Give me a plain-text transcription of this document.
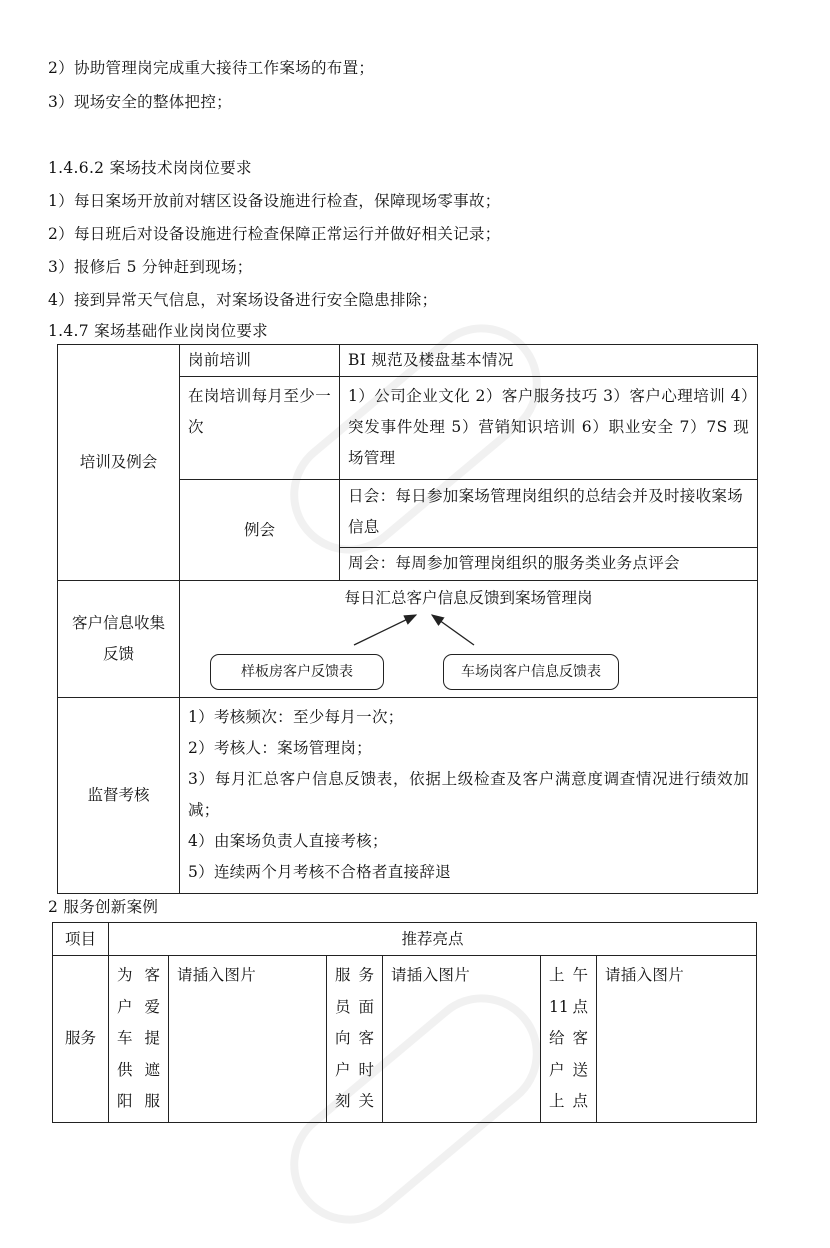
2）协助管理岗完成重大接待工作案场的布置；
3）现场安全的整体把控；
1.4.6.2 案场技术岗岗位要求
1）每日案场开放前对辖区设备设施进行检查，保障现场零事故；
2）每日班后对设备设施进行检查保障正常运行并做好相关记录；
3）报修后 5 分钟赶到现场；
4）接到异常天气信息，对案场设备进行安全隐患排除；
1.4.7 案场基础作业岗岗位要求
培训及例会	岗前培训	BI 规范及楼盘基本情况
	在岗培训每月至少一次	1）公司企业文化 2）客户服务技巧 3）客户心理培训 4）突发事件处理 5）营销知识培训 6）职业安全 7）7S 现场管理
	例会	日会：每日参加案场管理岗组织的总结会并及时接收案场信息
		周会：每周参加管理岗组织的服务类业务点评会
客户信息收集反馈	每日汇总客户信息反馈到案场管理岗
样板房客户反馈表 车场岗客户信息反馈表	

监督考核	1）考核频次：至少每月一次；
2）考核人：案场管理岗；
3）每月汇总客户信息反馈表，依据上级检查及客户满意度调查情况进行绩效加减；
4）由案场负责人直接考核；
5）连续两个月考核不合格者直接辞退	
2 服务创新案例
项目	推荐亮点					
服务	为客户爱车提供遮阳服	请插入图片	服务员面向客户时刻关	请插入图片	上午11点给客户送上点	请插入图片
